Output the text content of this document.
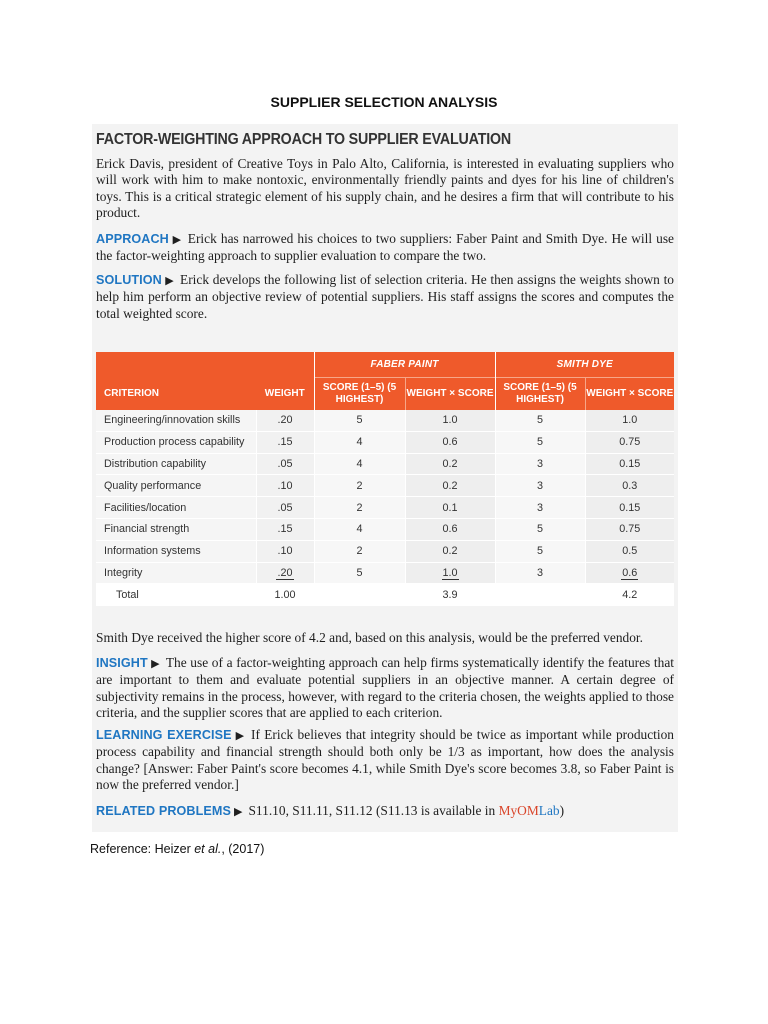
SUPPLIER SELECTION ANALYSIS
FACTOR-WEIGHTING APPROACH TO SUPPLIER EVALUATION
Erick Davis, president of Creative Toys in Palo Alto, California, is interested in evaluating suppliers who will work with him to make nontoxic, environmentally friendly paints and dyes for his line of children's toys. This is a critical strategic element of his supply chain, and he desires a firm that will contribute to his product.
APPROACH ▶ Erick has narrowed his choices to two suppliers: Faber Paint and Smith Dye. He will use the factor-weighting approach to supplier evaluation to compare the two.
SOLUTION ▶ Erick develops the following list of selection criteria. He then assigns the weights shown to help him perform an objective review of potential suppliers. His staff assigns the scores and computes the total weighted score.
		FABER PAINT		SMITH DYE	
CRITERION	WEIGHT	SCORE (1–5) (5 HIGHEST)	WEIGHT × SCORE	SCORE (1–5) (5 HIGHEST)	WEIGHT × SCORE
Engineering/innovation skills	.20	5	1.0	5	1.0
Production process capability	.15	4	0.6	5	0.75
Distribution capability	.05	4	0.2	3	0.15
Quality performance	.10	2	0.2	3	0.3
Facilities/location	.05	2	0.1	3	0.15
Financial strength	.15	4	0.6	5	0.75
Information systems	.10	2	0.2	5	0.5
Integrity	.20	5	1.0	3	0.6
Total	1.00		3.9		4.2
Smith Dye received the higher score of 4.2 and, based on this analysis, would be the preferred vendor.
INSIGHT ▶ The use of a factor-weighting approach can help firms systematically identify the features that are important to them and evaluate potential suppliers in an objective manner. A certain degree of subjectivity remains in the process, however, with regard to the criteria chosen, the weights applied to those criteria, and the supplier scores that are applied to each criterion.
LEARNING EXERCISE ▶ If Erick believes that integrity should be twice as important while production process capability and financial strength should both only be 1/3 as important, how does the analysis change? [Answer: Faber Paint's score becomes 4.1, while Smith Dye's score becomes 3.8, so Faber Paint is now the preferred vendor.]
RELATED PROBLEMS ▶ S11.10, S11.11, S11.12 (S11.13 is available in MyOMLab)
Reference: Heizer et al., (2017)
